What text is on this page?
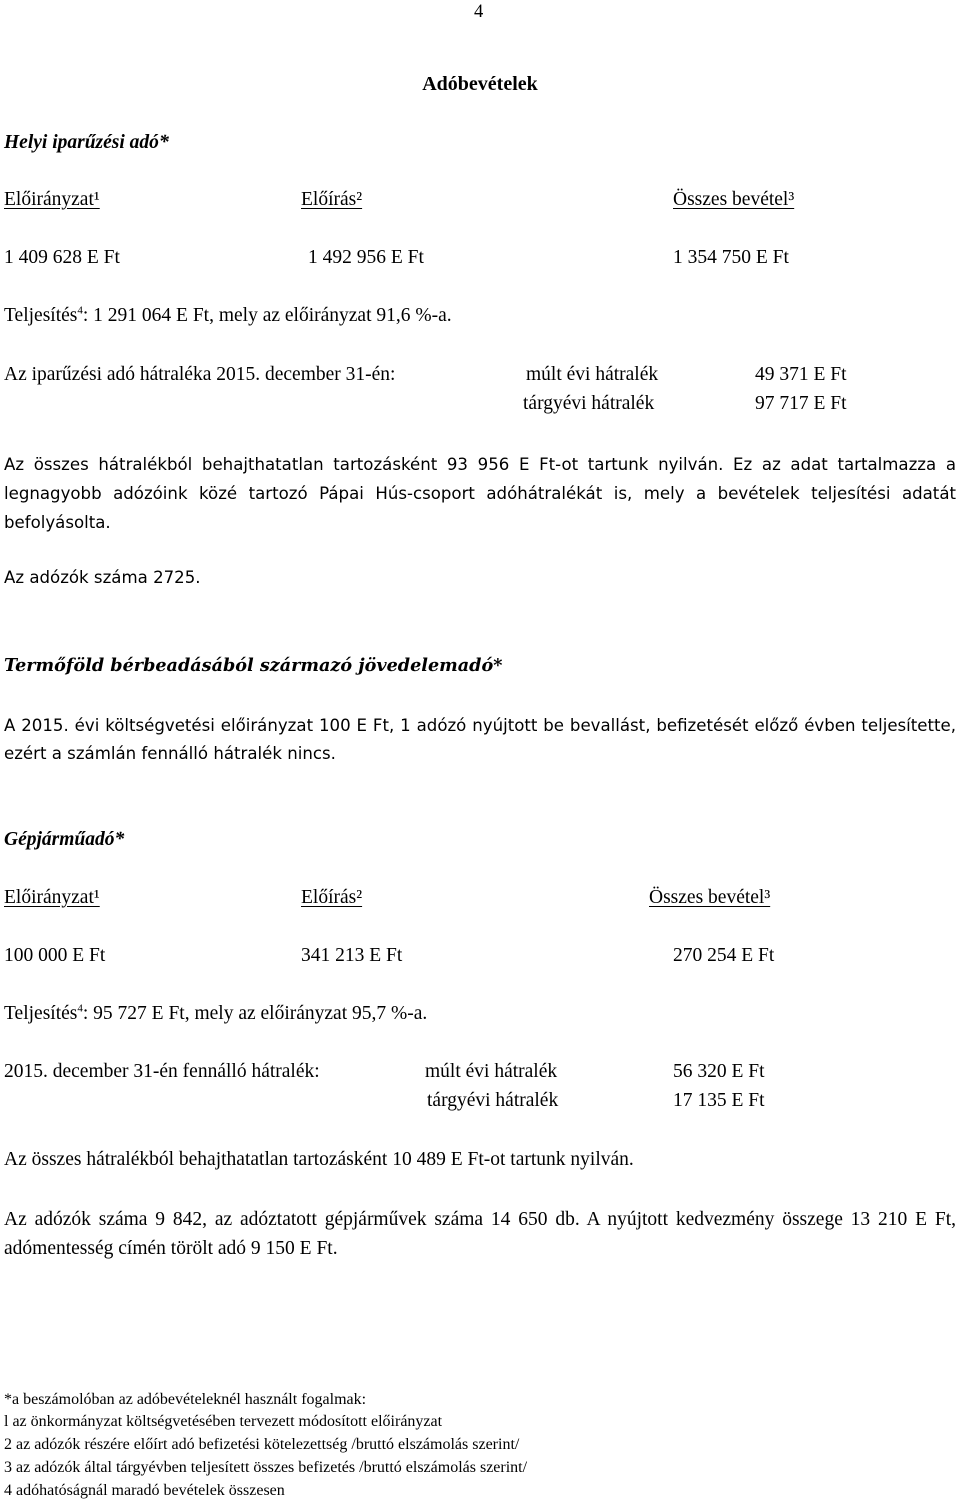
4
Adóbevételek
Helyi iparűzési adó*
Előirányzat¹	Előírás²	Összes bevétel³
1 409 628 E Ft	1 492 956 E Ft	1 354 750 E Ft
Teljesítés$^4$: 1 291 064 E Ft, mely az előirányzat 91,6 %-a.
Az iparűzési adó hátraléka 2015. december 31-én:	múlt évi hátralék	49 371 E Ft
tárgyévi hátralék	97 717 E Ft
Az összes hátralékból behajthatatlan tartozásként 93 956 E Ft-ot tartunk nyilván. Ez az adat tartalmazza a legnagyobb adózóink közé tartozó Pápai Hús-csoport adóhátralékát is, mely a bevételek teljesítési adatát befolyásolta.
Az adózók száma 2725.
Termőföld bérbeadásából származó jövedelemadó*
A 2015. évi költségvetési előirányzat 100 E Ft, 1 adózó nyújtott be bevallást, befizetését előző évben teljesítette, ezért a számlán fennálló hátralék nincs.
Gépjárműadó*
Előirányzat¹	Előírás²	Összes bevétel³
100 000 E Ft	341 213 E Ft	270 254 E Ft
Teljesítés$^4$: 95 727 E Ft, mely az előirányzat 95,7 %-a.
2015. december 31-én fennálló hátralék:	múlt évi hátralék	56 320 E Ft
tárgyévi hátralék	17 135 E Ft
Az összes hátralékból behajthatatlan tartozásként 10 489 E Ft-ot tartunk nyilván.
Az adózók száma 9 842, az adóztatott gépjárművek száma 14 650 db. A nyújtott kedvezmény összege 13 210 E Ft, adómentesség címén törölt adó 9 150 E Ft.
*a beszámolóban az adóbevételeknél használt fogalmak:
l az önkormányzat költségvetésében tervezett módosított előirányzat
2 az adózók részére előírt adó befizetési kötelezettség /bruttó elszámolás szerint/
3 az adózók által tárgyévben teljesített összes befizetés /bruttó elszámolás szerint/
4 adóhatóságnál maradó bevételek összesen
